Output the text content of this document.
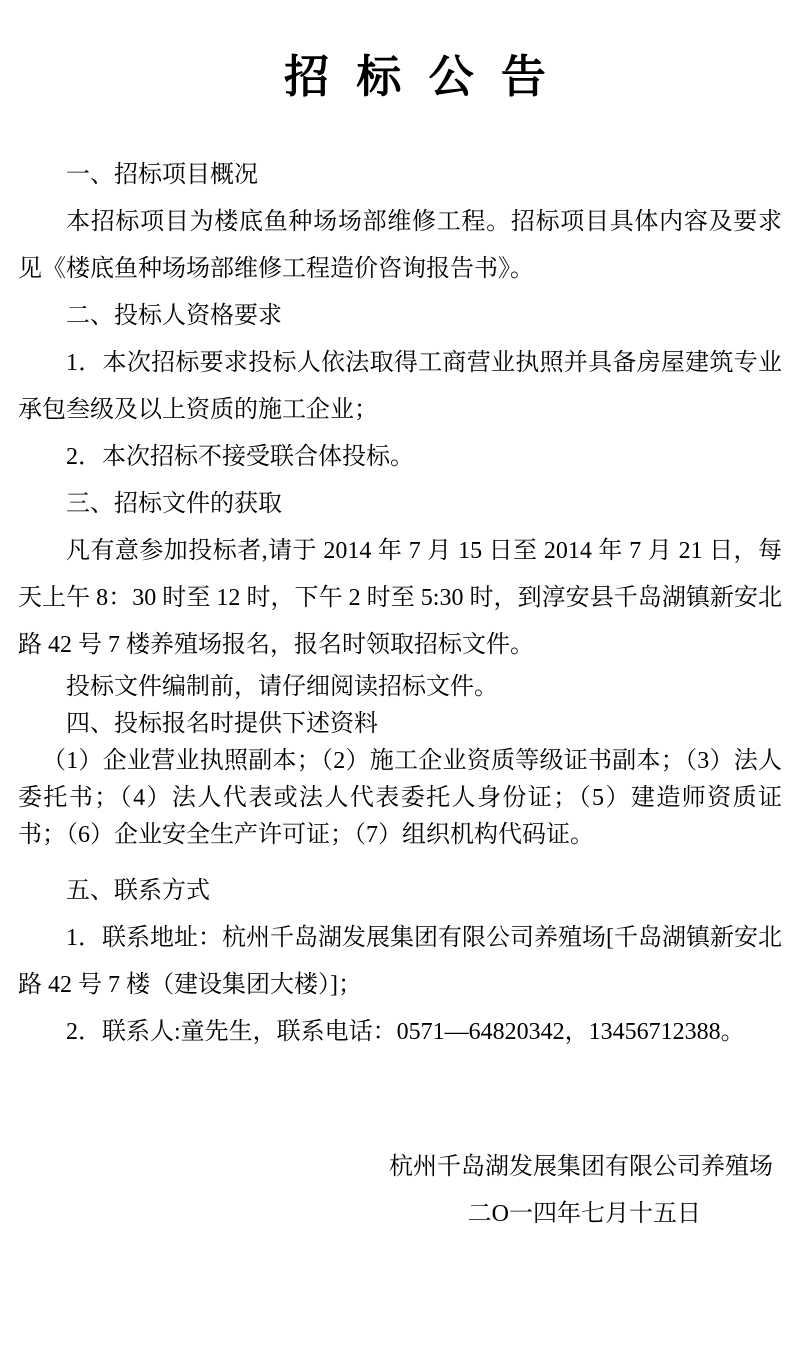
招 标 公 告

一、招标项目概况

本招标项目为楼底鱼种场场部维修工程。招标项目具体内容及要求见《楼底鱼种场场部维修工程造价咨询报告书》。

二、投标人资格要求

1．本次招标要求投标人依法取得工商营业执照并具备房屋建筑专业承包叁级及以上资质的施工企业；

2．本次招标不接受联合体投标。

三、招标文件的获取

凡有意参加投标者,请于 2014 年 7 月 15 日至 2014 年 7 月 21 日，每天上午 8：30 时至 12 时，下午 2 时至 5:30 时，到淳安县千岛湖镇新安北路 42 号 7 楼养殖场报名，报名时领取招标文件。

投标文件编制前，请仔细阅读招标文件。

四、投标报名时提供下述资料

（1）企业营业执照副本；（2）施工企业资质等级证书副本；（3）法人委托书；（4）法人代表或法人代表委托人身份证；（5）建造师资质证书；（6）企业安全生产许可证；（7）组织机构代码证。

五、联系方式

1．联系地址：杭州千岛湖发展集团有限公司养殖场[千岛湖镇新安北路 42 号 7 楼（建设集团大楼）]；

2．联系人:童先生，联系电话：0571—64820342，13456712388。

杭州千岛湖发展集团有限公司养殖场

二O一四年七月十五日
